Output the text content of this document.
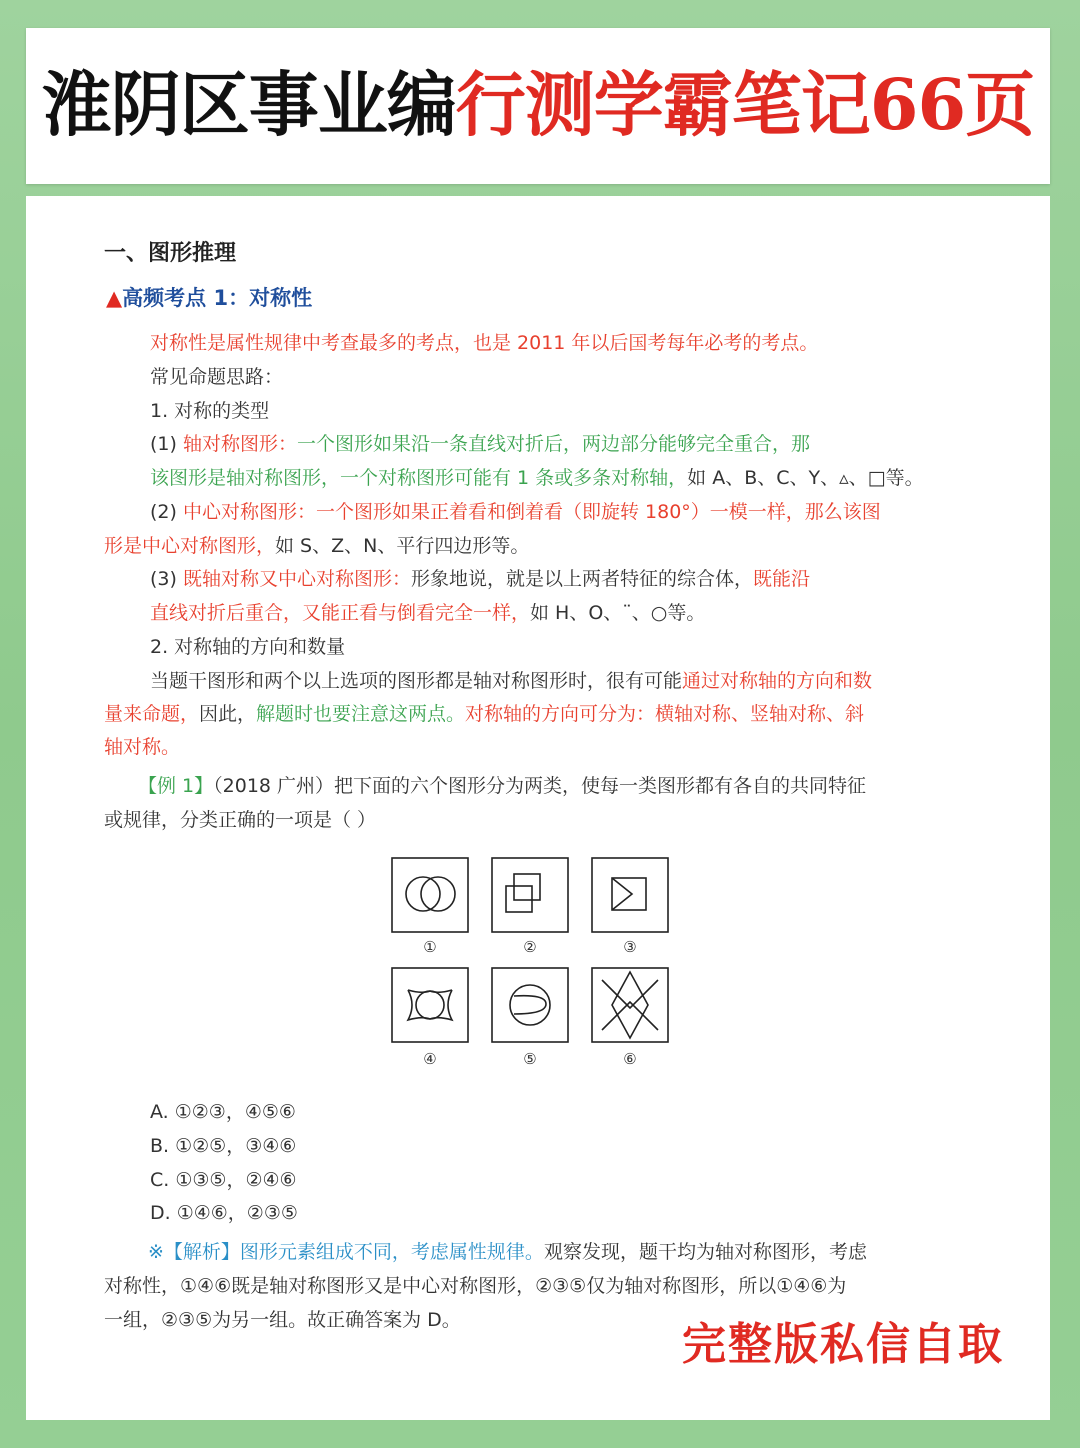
淮阴区事业编行测学霸笔记66页
一、图形推理
▲高频考点 1：对称性
对称性是属性规律中考查最多的考点，也是 2011 年以后国考每年必考的考点。
常见命题思路：
1. 对称的类型
(1) 轴对称图形：一个图形如果沿一条直线对折后，两边部分能够完全重合，那
该图形是轴对称图形，一个对称图形可能有 1 条或多条对称轴，如 A、B、C、Y、▵、□等。
(2) 中心对称图形：一个图形如果正着看和倒着看（即旋转 180°）一模一样，那么该图
形是中心对称图形，如 S、Z、N、平行四边形等。
(3) 既轴对称又中心对称图形：形象地说，就是以上两者特征的综合体，既能沿
直线对折后重合，又能正看与倒看完全一样，如 H、O、¨、○等。
2. 对称轴的方向和数量
当题干图形和两个以上选项的图形都是轴对称图形时，很有可能通过对称轴的方向和数
量来命题，因此，解题时也要注意这两点。对称轴的方向可分为：横轴对称、竖轴对称、斜
轴对称。
【例 1】（2018 广州）把下面的六个图形分为两类，使每一类图形都有各自的共同特征
或规律，分类正确的一项是（ ）
①	②	③
④	⑤	⑥
A. ①②③，④⑤⑥
B. ①②⑤，③④⑥
C. ①③⑤，②④⑥
D. ①④⑥，②③⑤
※【解析】图形元素组成不同，考虑属性规律。观察发现，题干均为轴对称图形，考虑
对称性，①④⑥既是轴对称图形又是中心对称图形，②③⑤仅为轴对称图形，所以①④⑥为
一组，②③⑤为另一组。故正确答案为 D。	完整版私信自取
